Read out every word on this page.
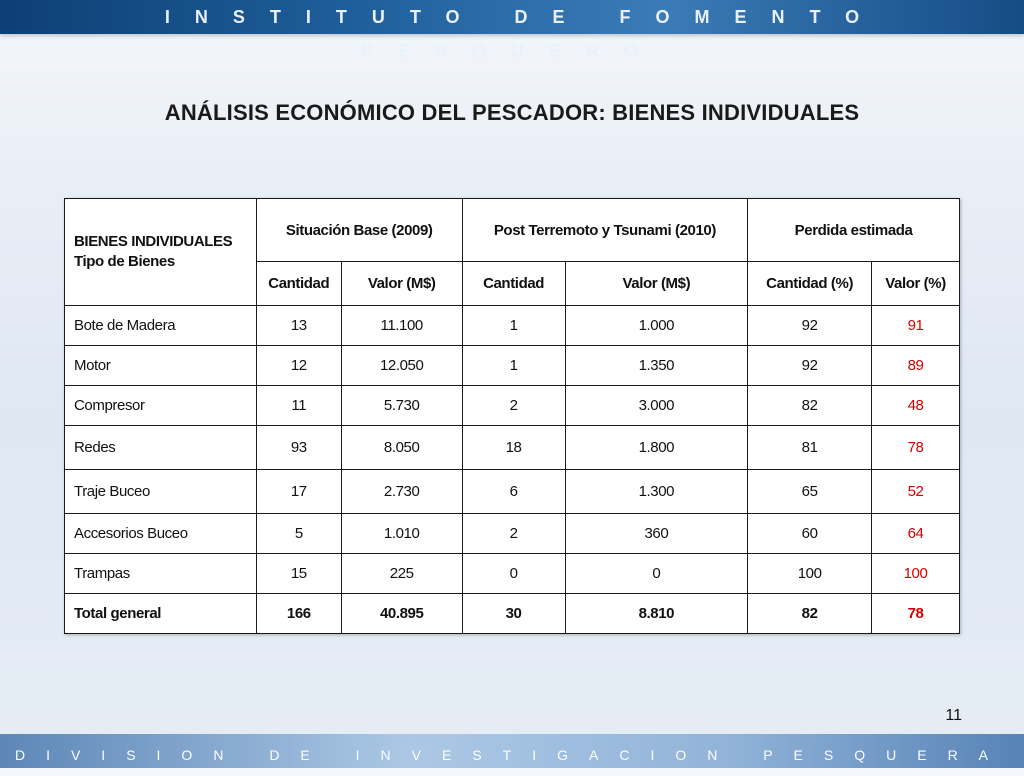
INSTITUTO DE FOMENTO PESQUERO
ANÁLISIS ECONÓMICO DEL PESCADOR: BIENES INDIVIDUALES
BIENES INDIVIDUALES
Tipo de Bienes	Situación Base (2009)		Post Terremoto y Tsunami (2010)		Perdida estimada	
	Cantidad	Valor (M$)	Cantidad	Valor (M$)	Cantidad (%)	Valor (%)
Bote de Madera	13	11.100	1	1.000	92	91
Motor	12	12.050	1	1.350	92	89
Compresor	11	5.730	2	3.000	82	48
Redes	93	8.050	18	1.800	81	78
Traje Buceo	17	2.730	6	1.300	65	52
Accesorios Buceo	5	1.010	2	360	60	64
Trampas	15	225	0	0	100	100
Total general	166	40.895	30	8.810	82	78
11
DIVISION DE INVESTIGACION PESQUERA
